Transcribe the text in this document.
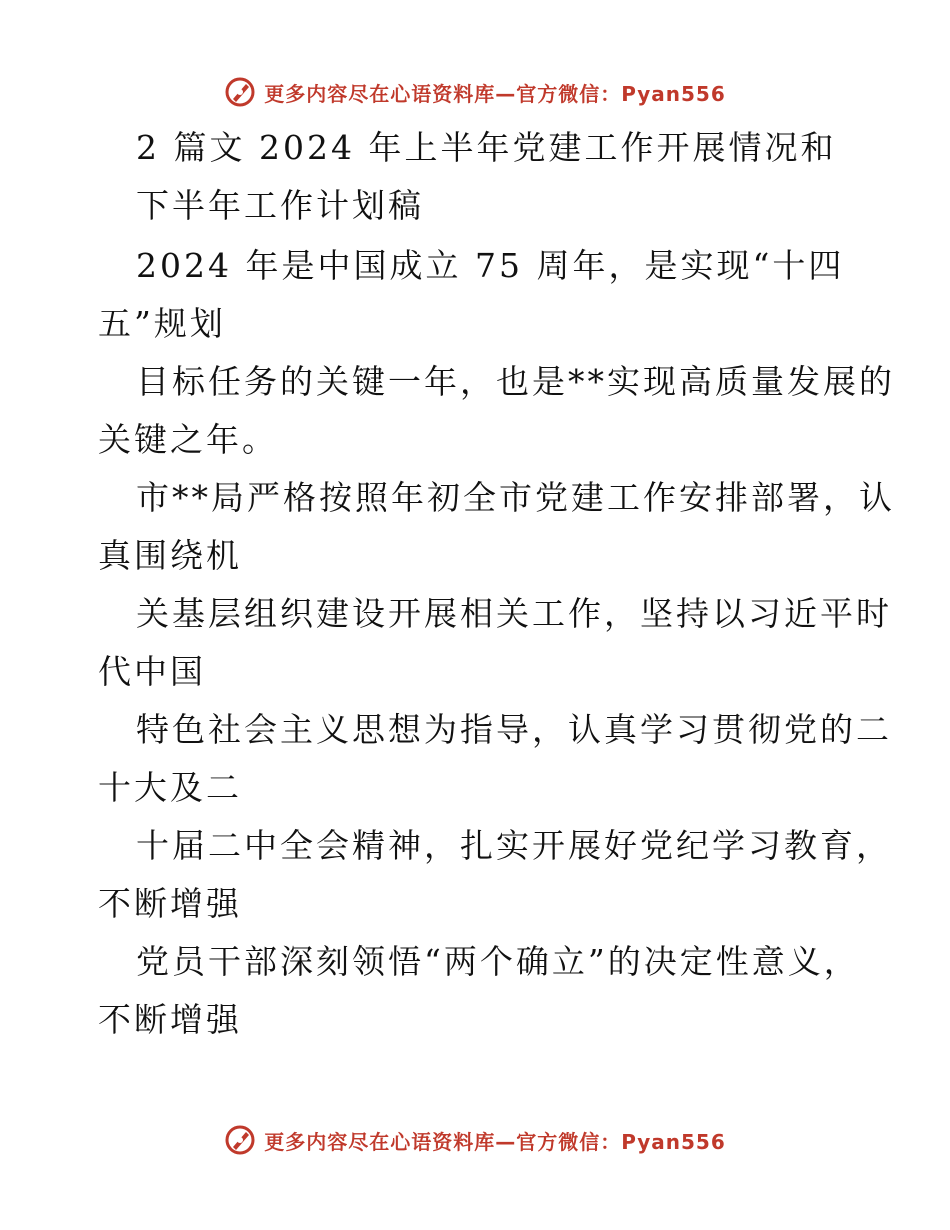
更多内容尽在心语资料库—官方微信：Pyan556
2 篇文 2024 年上半年党建工作开展情况和
下半年工作计划稿
2024 年是中国成立 75 周年，是实现“十四
五”规划
目标任务的关键一年，也是**实现高质量发展的
关键之年。
市**局严格按照年初全市党建工作安排部署，认
真围绕机
关基层组织建设开展相关工作，坚持以习近平时
代中国
特色社会主义思想为指导，认真学习贯彻党的二
十大及二
十届二中全会精神，扎实开展好党纪学习教育，
不断增强
党员干部深刻领悟“两个确立”的决定性意义，
不断增强
更多内容尽在心语资料库—官方微信：Pyan556
